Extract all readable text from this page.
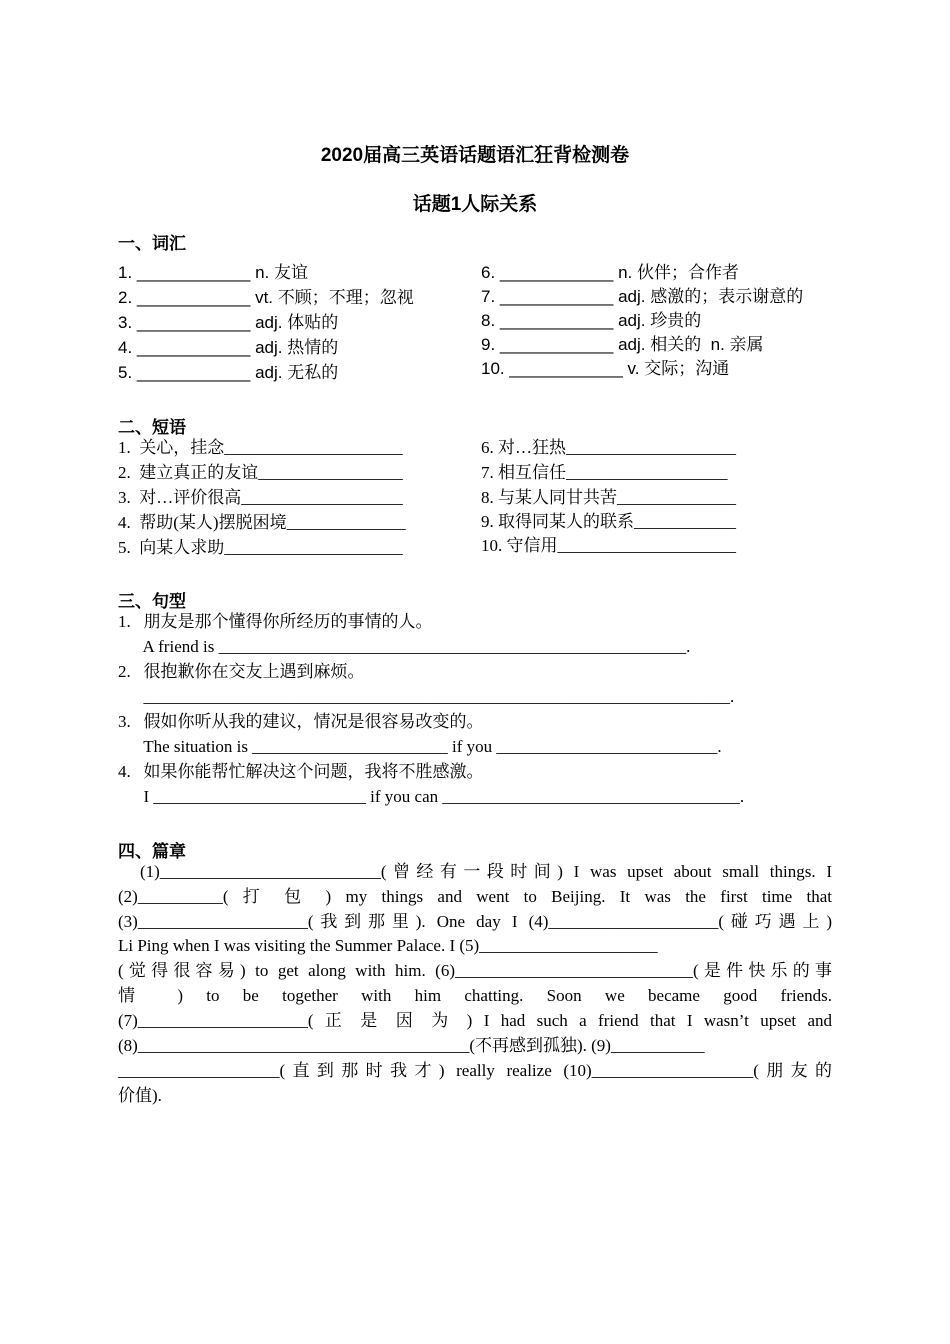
2020届高三英语话题语汇狂背检测卷
话题1人际关系
一、词汇
1. ____________ n. 友谊
2. ____________ vt. 不顾；不理；忽视
3. ____________ adj. 体贴的
4. ____________ adj. 热情的
5. ____________ adj. 无私的
6. ____________ n. 伙伴；合作者
7. ____________ adj. 感激的；表示谢意的
8. ____________ adj. 珍贵的
9. ____________ adj. 相关的  n. 亲属
10. ____________ v. 交际；沟通
二、短语
1.  关心，挂念_____________________
2.  建立真正的友谊_________________
3.  对…评价很高___________________
4.  帮助(某人)摆脱困境______________
5.  向某人求助_____________________
6. 对…狂热____________________
7. 相互信任___________________
8. 与某人同甘共苦______________
9. 取得同某人的联系____________
10. 守信用_____________________
三、句型
1.   朋友是那个懂得你所经历的事情的人。
A friend is _______________________________________________________.
2.   很抱歉你在交友上遇到麻烦。
_____________________________________________________________________.
3.   假如你听从我的建议，情况是很容易改变的。
The situation is _______________________ if you __________________________.
4.   如果你能帮忙解决这个问题，我将不胜感激。
I _________________________ if you can ___________________________________.
四、篇章
(1)__________________________(曾经有一段时间) I was upset about small things. I
(2)__________( 打 包 ) my things and went to Beijing. It was the first time that
(3)____________________(我到那里). One day I (4)____________________(碰巧遇上)
Li Ping when I was visiting the Summer Palace. I (5)_____________________
(觉得很容易) to get along with him. (6)____________________________(是件快乐的事
情 ) to be together with him chatting. Soon we became good friends.
(7)____________________( 正 是 因 为 ) I had such a friend that I wasn’t upset and
(8)_______________________________________(不再感到孤独). (9)___________
___________________(直到那时我才) really realize (10)___________________(朋友的
价值).
